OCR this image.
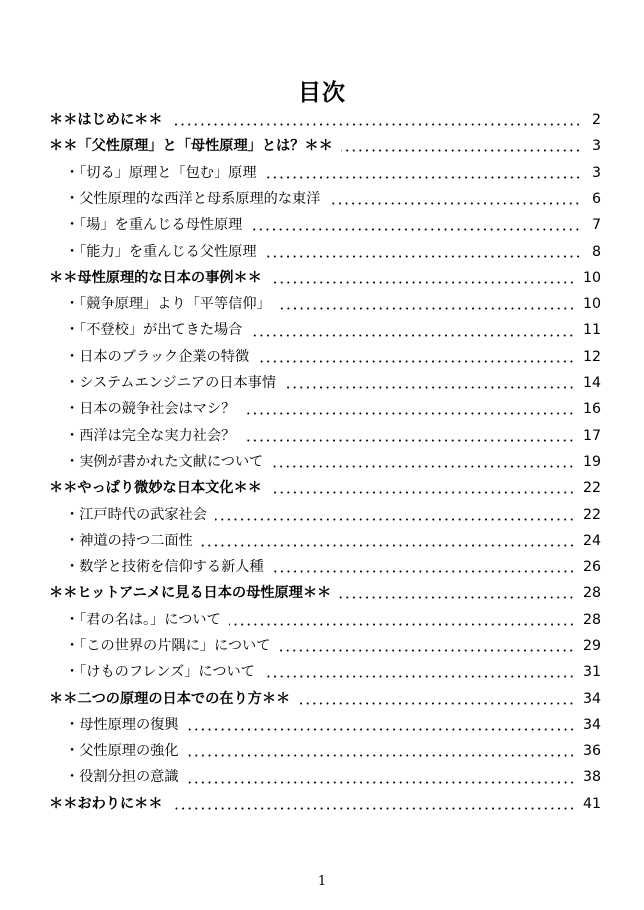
目次
＊＊はじめに＊＊	2
＊＊「父性原理」と「母性原理」とは？＊＊	3
・「切る」原理と「包む」原理	3
・父性原理的な西洋と母系原理的な東洋	6
・「場」を重んじる母性原理	7
・「能力」を重んじる父性原理	8
＊＊母性原理的な日本の事例＊＊	10
・「競争原理」より「平等信仰」	10
・「不登校」が出てきた場合	11
・日本のブラック企業の特徴	12
・システムエンジニアの日本事情	14
・日本の競争社会はマシ？	16
・西洋は完全な実力社会？	17
・実例が書かれた文献について	19
＊＊やっぱり微妙な日本文化＊＊	22
・江戸時代の武家社会	22
・神道の持つ二面性	24
・数学と技術を信仰する新人種	26
＊＊ヒットアニメに見る日本の母性原理＊＊	28
・「君の名は。」について	28
・「この世界の片隅に」について	29
・「けものフレンズ」について	31
＊＊二つの原理の日本での在り方＊＊	34
・母性原理の復興	34
・父性原理の強化	36
・役割分担の意識	38
＊＊おわりに＊＊	41
1
